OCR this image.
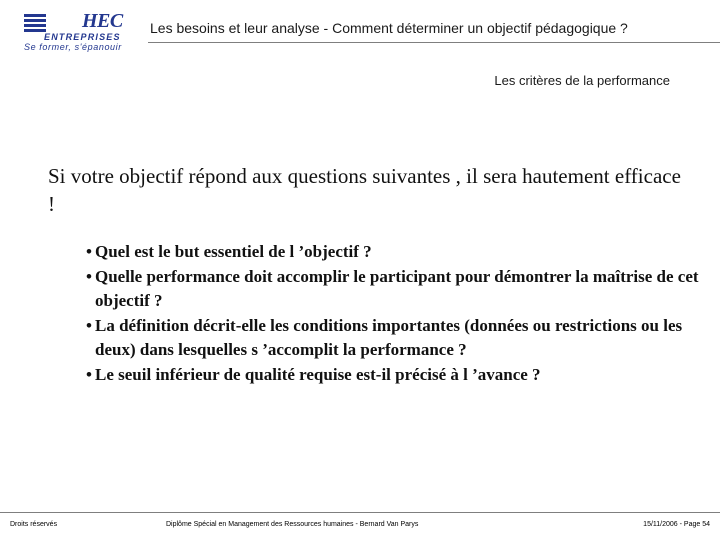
HEC
ENTREPRISES
Se former, s'épanouir
Les besoins et leur analyse - Comment déterminer un objectif pédagogique ?
Les critères de la performance
Si votre objectif répond aux questions suivantes , il sera hautement efficace !
• Quel est le but essentiel de l ’objectif ?
• Quelle performance doit accomplir le participant pour démontrer la maîtrise de cet objectif ?
• La définition décrit-elle les conditions importantes (données ou restrictions ou les deux) dans lesquelles s ’accomplit la performance ?
• Le seuil inférieur de qualité requise est-il précisé à l ’avance ?
Droits réservés	Diplôme Spécial en Management des Ressources humaines - Bernard Van Parys	15/11/2006 - Page 54
